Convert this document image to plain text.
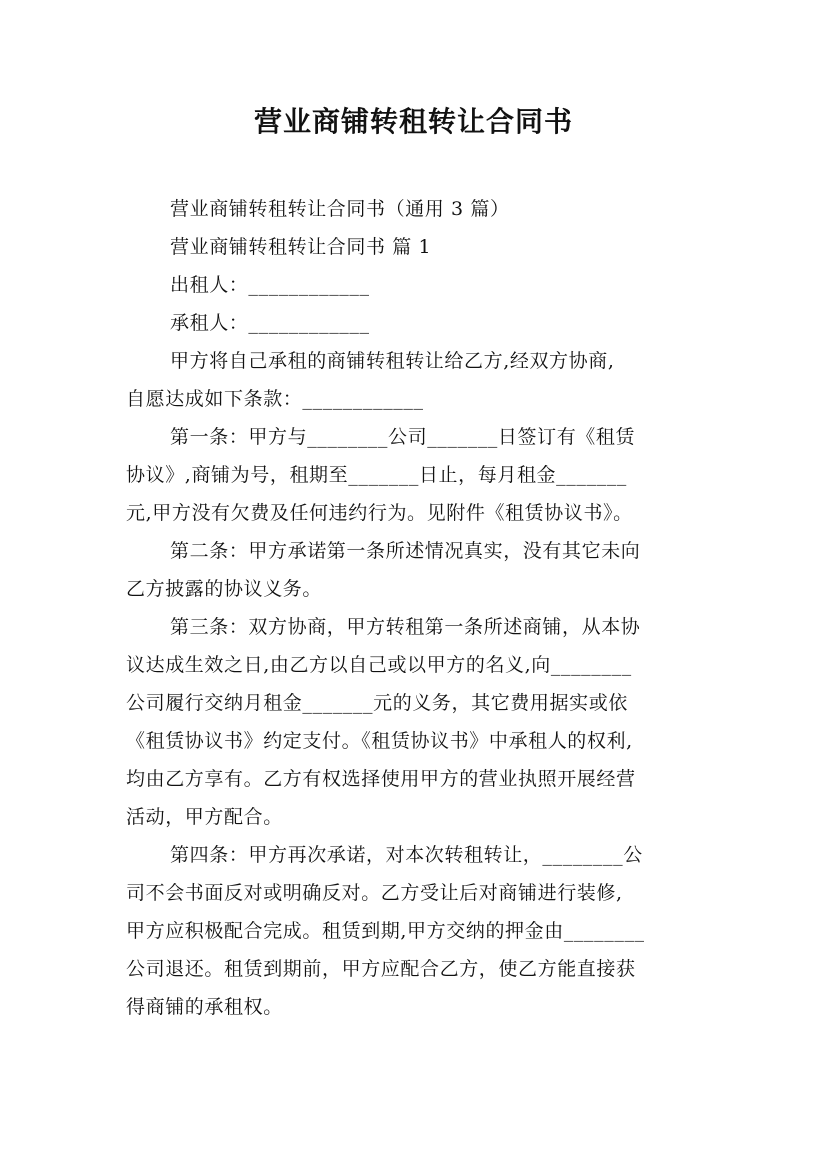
营业商铺转租转让合同书
营业商铺转租转让合同书（通用 3 篇）
营业商铺转租转让合同书 篇 1
出租人：____________
承租人：____________
甲方将自己承租的商铺转租转让给乙方,经双方协商,
自愿达成如下条款：____________
第一条：甲方与________公司_______日签订有《租赁
协议》,商铺为号，租期至_______日止，每月租金_______
元,甲方没有欠费及任何违约行为。见附件《租赁协议书》。
第二条：甲方承诺第一条所述情况真实，没有其它未向
乙方披露的协议义务。
第三条：双方协商，甲方转租第一条所述商铺，从本协
议达成生效之日,由乙方以自己或以甲方的名义,向________
公司履行交纳月租金_______元的义务，其它费用据实或依
《租赁协议书》约定支付。《租赁协议书》中承租人的权利,
均由乙方享有。乙方有权选择使用甲方的营业执照开展经营
活动，甲方配合。
第四条：甲方再次承诺，对本次转租转让，________公
司不会书面反对或明确反对。乙方受让后对商铺进行装修,
甲方应积极配合完成。租赁到期,甲方交纳的押金由________
公司退还。租赁到期前，甲方应配合乙方，使乙方能直接获
得商铺的承租权。
